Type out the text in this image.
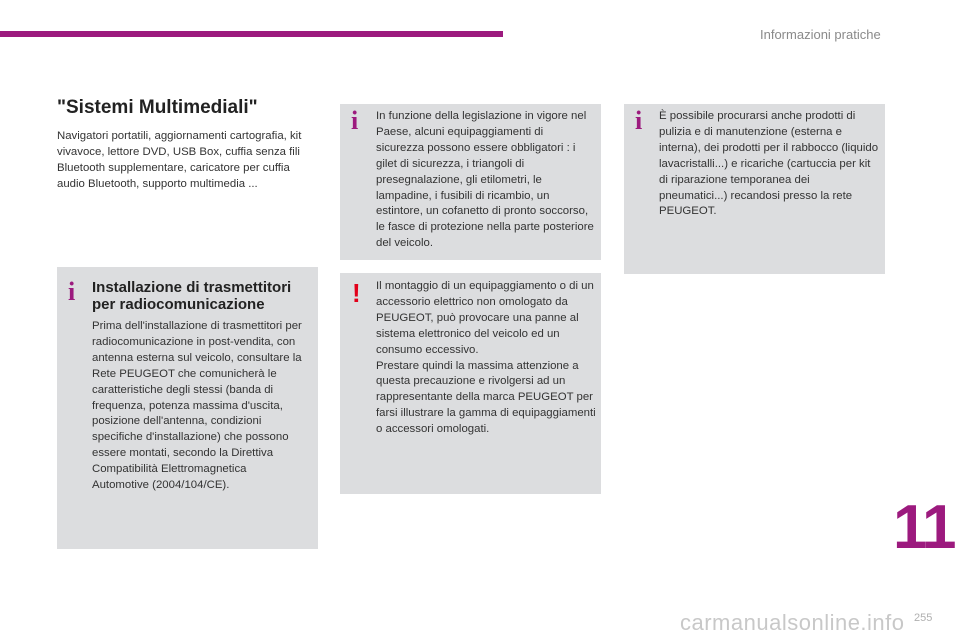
Informazioni pratiche
"Sistemi Multimediali"
Navigatori portatili, aggiornamenti cartografia, kit vivavoce, lettore DVD, USB Box, cuffia senza fili Bluetooth supplementare, caricatore per cuffia audio Bluetooth, supporto multimedia ...
i Installazione di trasmettitori per radiocomunicazione
Prima dell'installazione di trasmettitori per radiocomunicazione in post-vendita, con antenna esterna sul veicolo, consultare la Rete PEUGEOT che comunicherà le caratteristiche degli stessi (banda di frequenza, potenza massima d'uscita, posizione dell'antenna, condizioni specifiche d'installazione) che possono essere montati, secondo la Direttiva Compatibilità Elettromagnetica Automotive (2004/104/CE).
i In funzione della legislazione in vigore nel Paese, alcuni equipaggiamenti di sicurezza possono essere obbligatori : i gilet di sicurezza, i triangoli di presegnalazione, gli etilometri, le lampadine, i fusibili di ricambio, un estintore, un cofanetto di pronto soccorso, le fasce di protezione nella parte posteriore del veicolo.
! Il montaggio di un equipaggiamento o di un accessorio elettrico non omologato da PEUGEOT, può provocare una panne al sistema elettronico del veicolo ed un consumo eccessivo.

Prestare quindi la massima attenzione a questa precauzione e rivolgersi ad un rappresentante della marca PEUGEOT per farsi illustrare la gamma di equipaggiamenti o accessori omologati.

i È possibile procurarsi anche prodotti di pulizia e di manutenzione (esterna e interna), dei prodotti per il rabbocco (liquido lavacristalli...) e ricariche (cartuccia per kit di riparazione temporanea dei pneumatici...) recandosi presso la rete PEUGEOT.
11
carmanualsonline.info 255
